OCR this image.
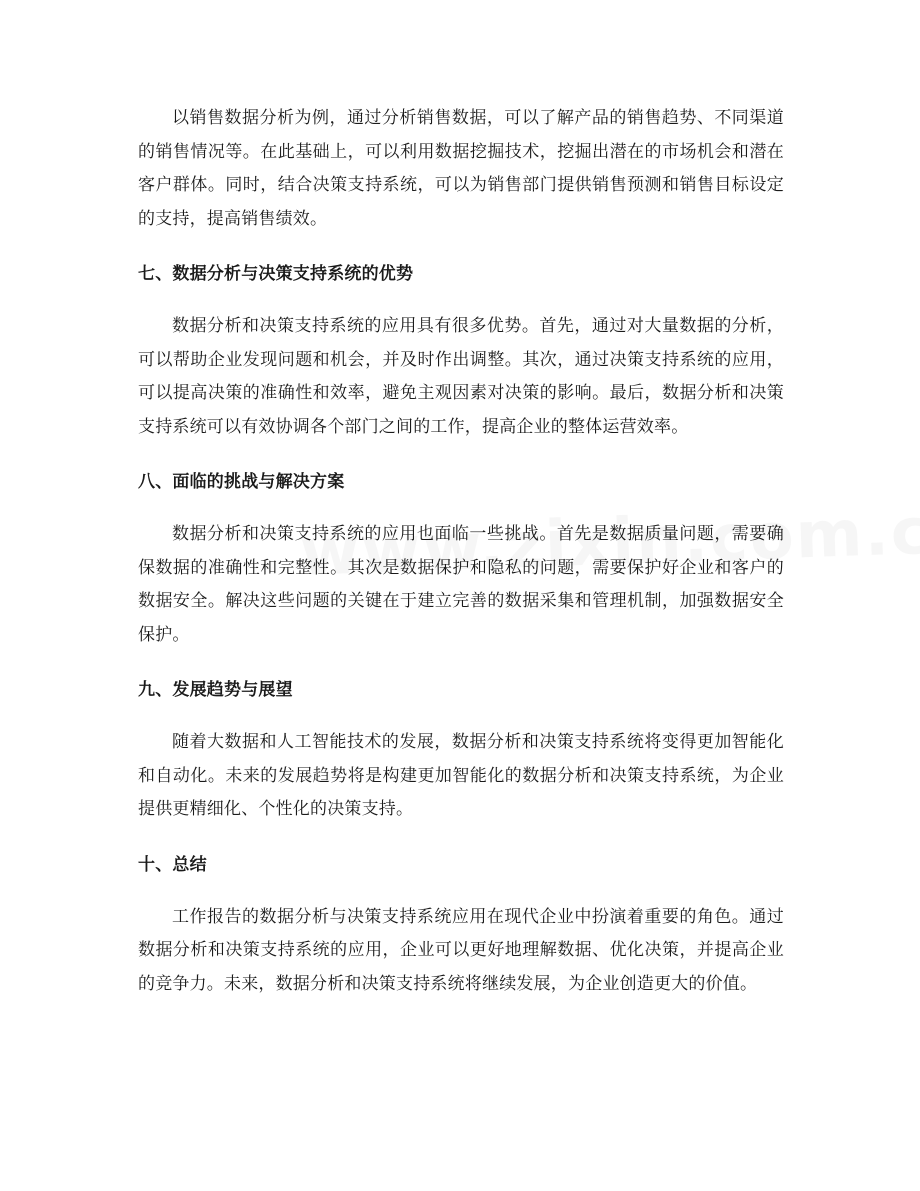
以销售数据分析为例，通过分析销售数据，可以了解产品的销售趋势、不同渠道的销售情况等。在此基础上，可以利用数据挖掘技术，挖掘出潜在的市场机会和潜在客户群体。同时，结合决策支持系统，可以为销售部门提供销售预测和销售目标设定的支持，提高销售绩效。

七、数据分析与决策支持系统的优势

数据分析和决策支持系统的应用具有很多优势。首先，通过对大量数据的分析，可以帮助企业发现问题和机会，并及时作出调整。其次，通过决策支持系统的应用，可以提高决策的准确性和效率，避免主观因素对决策的影响。最后，数据分析和决策支持系统可以有效协调各个部门之间的工作，提高企业的整体运营效率。

八、面临的挑战与解决方案

数据分析和决策支持系统的应用也面临一些挑战。首先是数据质量问题，需要确保数据的准确性和完整性。其次是数据保护和隐私的问题，需要保护好企业和客户的数据安全。解决这些问题的关键在于建立完善的数据采集和管理机制，加强数据安全保护。

九、发展趋势与展望

随着大数据和人工智能技术的发展，数据分析和决策支持系统将变得更加智能化和自动化。未来的发展趋势将是构建更加智能化的数据分析和决策支持系统，为企业提供更精细化、个性化的决策支持。

十、总结

工作报告的数据分析与决策支持系统应用在现代企业中扮演着重要的角色。通过数据分析和决策支持系统的应用，企业可以更好地理解数据、优化决策，并提高企业的竞争力。未来，数据分析和决策支持系统将继续发展，为企业创造更大的价值。
